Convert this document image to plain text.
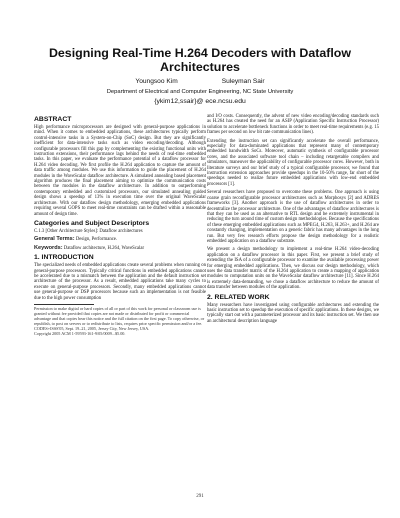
Designing Real-Time H.264 Decoders with Dataflow Architectures
Youngsoo Kim	Suleyman Sair
Department of Electrical and Computer Engineering, NC State University
{ykim12,ssair}@ ece.ncsu.edu
ABSTRACT

High performance microprocessors are designed with general-purpose applications in mind. When it comes to embedded applications, these architectures typically perform control-intensive tasks in a System-on-Chip (SoC) design. But they are significantly inefficient for data-intensive tasks such as video encoding/decoding. Although configurable processors fill this gap by complementing the existing functional units with instruction extensions, their performance lags behind the needs of real-time embedded tasks. In this paper, we evaluate the performance potential of a dataflow processor for H.264 video decoding. We first profile the H.264 application to capture the amount of data traffic among modules. We use this information to guide the placement of H.264 modules in the WaveScalar dataflow architecture. A simulated annealing based placement algorithm produces the final placement aiming to optimize the communication costs between the modules in the dataflow architecture. In addition to outperforming contemporary embedded and customized processors, our simulated annealing guided design shows a speedup of 13% in execution time over the original WaveScalar architecture. With our dataflow design methodology, emerging embedded applications requiring several GOPS to meet real-time constraints can be drafted within a reasonable amount of design time.

Categories and Subject Descriptors

C.1.3 [Other Architecture Styles]: Dataflow architectures

General Terms: Design, Performance.
Keywords: Dataflow architecture, H.264, WaveScalar
1. INTRODUCTION

The specialized needs of embedded applications create several problems when running on general-purpose processors. Typically critical functions in embedded applications cannot be accelerated due to a mismatch between the application and the default instruction set architecture of the processor. As a result, embedded applications take many cycles to execute on general-purpose processors. Secondly, many embedded applications cannot use general-purpose or DSP processors because such an implementation is not feasible due to the high power consumption

Permission to make digital or hard copies of all or part of this work for personal or classroom use is granted without fee provided that copies are not made or distributed for profit or commercial advantage and that copies bear this notice and the full citation on the first page. To copy otherwise, or republish, to post on servers or to redistribute to lists, requires prior specific permission and/or a fee.
CODES+ISSS'05, Sept. 19–21, 2005, Jersey City, New Jersey, USA.
Copyright 2005 ACM 1-59593-161-9/05/0009...$5.00.

and I/O costs. Consequently, the advent of new video encoding/decoding standards such as H.264 has created the need for an ASIP (Application Specific Instruction Processor) solution to accelerate bottleneck functions in order to meet real-time requirements (e.g. 15 frames per second on low bit rate communication lines).

Extending the instruction set can significantly accelerate the overall performance, especially for data-dominated applications that represent many of contemporary embedded bandwidth SoCs. Moreover, automatic synthesis of configurable processor cores, and the associated software tool chain – including retargetable compilers and simulators, maneuver the applicability of configurable processor cores. However, both in literature surveys and our brief study of a typical configurable processor, we found that instruction extension approaches provide speedups in the 10-50% range, far short of the speedups needed to realize future embedded applications with low-end embedded processors [1].

Several researchers have proposed to overcome these problems. One approach is using coarse grain reconfigurable processor architectures such as Morphosys [2] and ADRES frameworks [3]. Another approach is the use of dataflow architectures in order to decentralize the processor architecture. One of the advantages of dataflow architectures is that they can be used as an alternative to RTL design and be extremely instrumental in reducing the turn around time of custom design methodologies. Because the specifications of these emerging embedded applications such as MPEG4, H.263, H.263+, and H.264 are constantly changing, implementation on a generic fabric has many advantages in the long run. But very few research efforts propose the design methodology for a realistic embedded application on a dataflow substrate.

We present a design methodology to implement a real-time H.264 video-decoding application on a dataflow processor in this paper. First, we present a brief study of extending the ISA of a configurable processor to examine the available processing power for emerging embedded applications. Then, we discuss our design methodology, which uses the data transfer matrix of the H.264 application to create a mapping of application modules to computation units on the WaveScalar dataflow architecture [11]. Since H.264 is extremely data-demanding, we chose a dataflow architecture to reduce the amount of data transfer between modules of the application.

2. RELATED WORK

Many researchers have investigated using configurable architectures and extending the basic instruction set to speedup the execution of specific applications. In these designs, we typically start out with a parameterized processor and its basic instruction set. We then use an architectural description language

291
